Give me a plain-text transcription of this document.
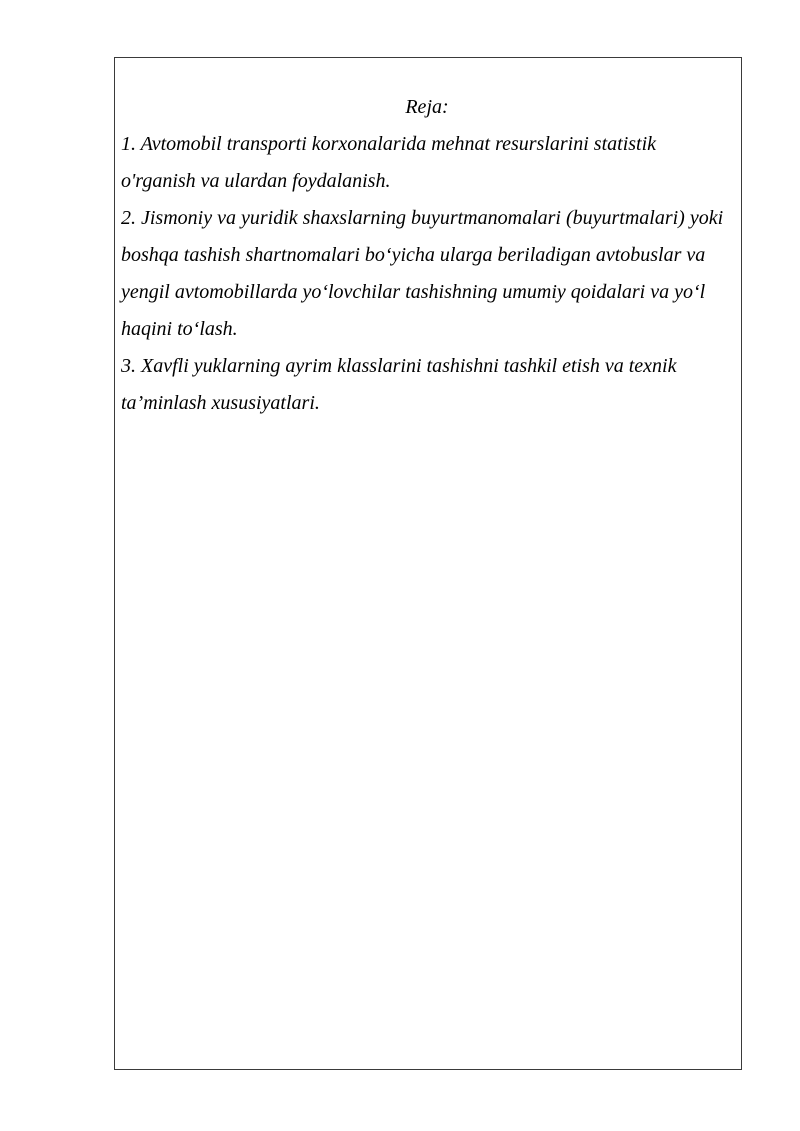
Reja:
1. Avtomobil transporti korxonalarida mehnat resurslarini statistik o'rganish va ulardan foydalanish.
2. Jismoniy va yuridik shaxslarning buyurtmanomalari (buyurtmalari) yoki boshqa tashish shartnomalari bo‘yicha ularga beriladigan avtobuslar va yengil avtomobillarda yo‘lovchilar tashishning umumiy qoidalari va yo‘l haqini to‘lash.
3. Xavfli yuklarning ayrim klasslarini tashishni tashkil etish va texnik ta’minlash xususiyatlari.
